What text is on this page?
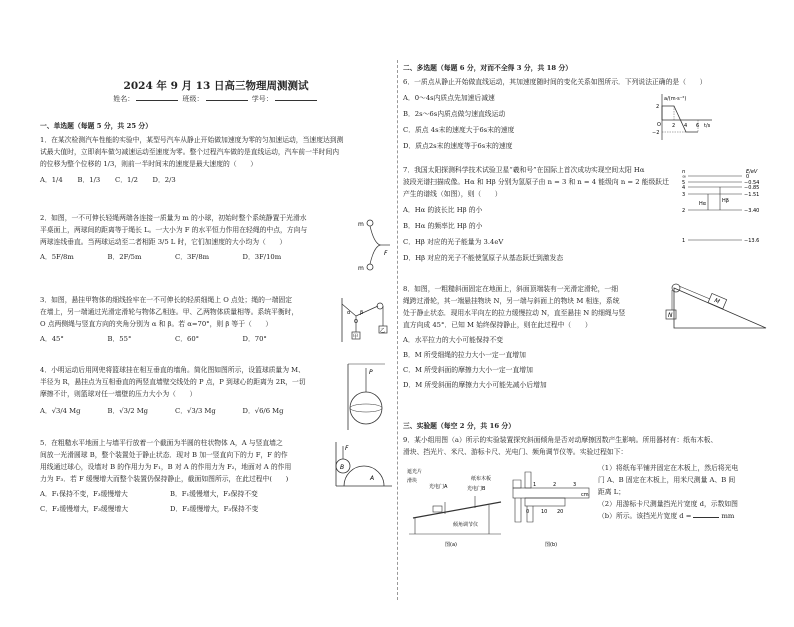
2024 年 9 月 13 日高三物理周测测试
姓名：	班级：	学号：
一、单选题（每题 5 分，共 25 分）
1．在某次检测汽车性能的实验中，某型号汽车从静止开始做加速度为零的匀加速运动，当速度达到测
试最大值时，立即刹车做匀减速运动至速度为零。整个过程汽车做的是直线运动，汽车前一半时间内
的位移为整个位移的 1/3，则前一半时间末的速度是最大速度的（　　）
A．1/4	B．1/3	C．1/2	D．2/3
2．如图，一不可伸长轻绳两端各连接一质量为 m 的小球，初始时整个系统静置于光滑水
平桌面上，两球间的距离等于绳长 L。一大小为 F 的水平恒力作用在轻绳的中点，方向与
两球连线垂直。当两球运动至二者相距 3/5 L 时，它们加速度的大小均为（　　）
A．5F/8m	B．2F/5m	C．3F/8m	D．3F/10m
m
m
F
3．如图，悬挂甲物体的细线拴牢在一不可伸长的轻质细绳上 O 点处；绳的一端固定
在墙上，另一端通过光滑定滑轮与物体乙相连。甲、乙两物体质量相等。系统平衡时，
O 点两侧绳与竖直方向的夹角分别为 α 和 β。若 α=70°，则 β 等于（　　）
A．45°	B．55°	C．60°	D．70°
α β
O
甲
乙
4．小明运动后用网兜将篮球挂在相互垂直的墙角。简化图如图所示，设篮球质量为 M、
半径为 R，悬挂点为互相垂直的两竖直墙壁交线处的 P 点，P 到球心的距离为 2R，一切
摩擦不计，则篮球对任一墙壁的压力大小为（　　）
A．√3/4 Mg	B．√3/2 Mg	C．√3/3 Mg	D．√6/6 Mg
P
5．在粗糙水平地面上与墙平行放着一个截面为半圆的柱状物体 A，A 与竖直墙之
间放一光滑圆球 B，整个装置处于静止状态．现对 B 加一竖直向下的力 F，F 的作
用线通过球心，设墙对 B 的作用力为 F₁，B 对 A 的作用力为 F₂，地面对 A 的作用
力为 F₃．若 F 缓慢增大而整个装置仍保持静止，截面如图所示，在此过程中(　　)
A．F₁保持不变，F₃缓慢增大	B．F₁缓慢增大，F₃保持不变
C．F₂缓慢增大，F₃缓慢增大	D．F₂缓慢增大，F₃保持不变
F
B
A
二、多选题（每题 6 分，对而不全得 3 分，共 18 分）
6．一质点从静止开始做直线运动，其加速度随时间的变化关系如图所示．下列说法正确的是（　　）
A．0～4s内质点先加速后减速
B．2s～6s内质点做匀速直线运动
C．质点 4s末的速度大于6s末的速度
D．质点2s末的速度等于6s末的速度
a/(m·s⁻²)
t/s
2
−2
2 4 6
O
7．我国太阳探测科学技术试验卫星“羲和号”在国际上首次成功实现空间太阳 Hα
波段光谱扫描成像。Hα 和 Hβ 分别为氢原子由 n = 3 和 n = 4 能级向 n = 2 能级跃迁
产生的谱线（如图），则（　　）
A．Hα 的波长比 Hβ 的小
B．Hα 的频率比 Hβ 的小
C．Hβ 对应的光子能量为 3.4eV
D．Hβ 对应的光子不能使氢原子从基态跃迁到激发态
n	E/eV
∞
5
4
3
2
1
0
−0.54
−0.85
−1.51
−3.40
−13.6
Hα	Hβ
8．如图，一粗糙斜面固定在地面上，斜面顶端装有一光滑定滑轮，一细
绳跨过滑轮，其一端悬挂物块 N，另一端与斜面上的物块 M 相连，系统
处于静止状态．现用水平向左的拉力缓慢拉动 N，直至悬挂 N 的细绳与竖
直方向成 45°．已知 M 始终保持静止，则在此过程中（　　）
A．水平拉力的大小可能保持不变
B．M 所受细绳的拉力大小一定一直增加
C．M 所受斜面的摩擦力大小一定一直增加
D．M 所受斜面的摩擦力大小可能先减小后增加
M
N
三、实验题（每空 2 分，共 16 分）
9．某小组用图（a）所示的实验装置探究斜面倾角是否对动摩擦因数产生影响。所用器材有：纸布木板、
滑块、挡光片、米尺、游标卡尺、光电门、频角调节仪等。实验过程如下：
遮光片
滑块
光电门A	光电门B
纸布木板
倾角调节仪
图(a)
1	2	3
cm
0 10 20
图(b)
（1）将纸布平铺并固定在木板上，然后将光电
门 A、B 固定在木板上，用米尺测量 A、B 间
距离 L；
（2）用游标卡尺测量挡光片宽度 d，示数如图
（b）所示。该挡光片宽度 d =	mm
